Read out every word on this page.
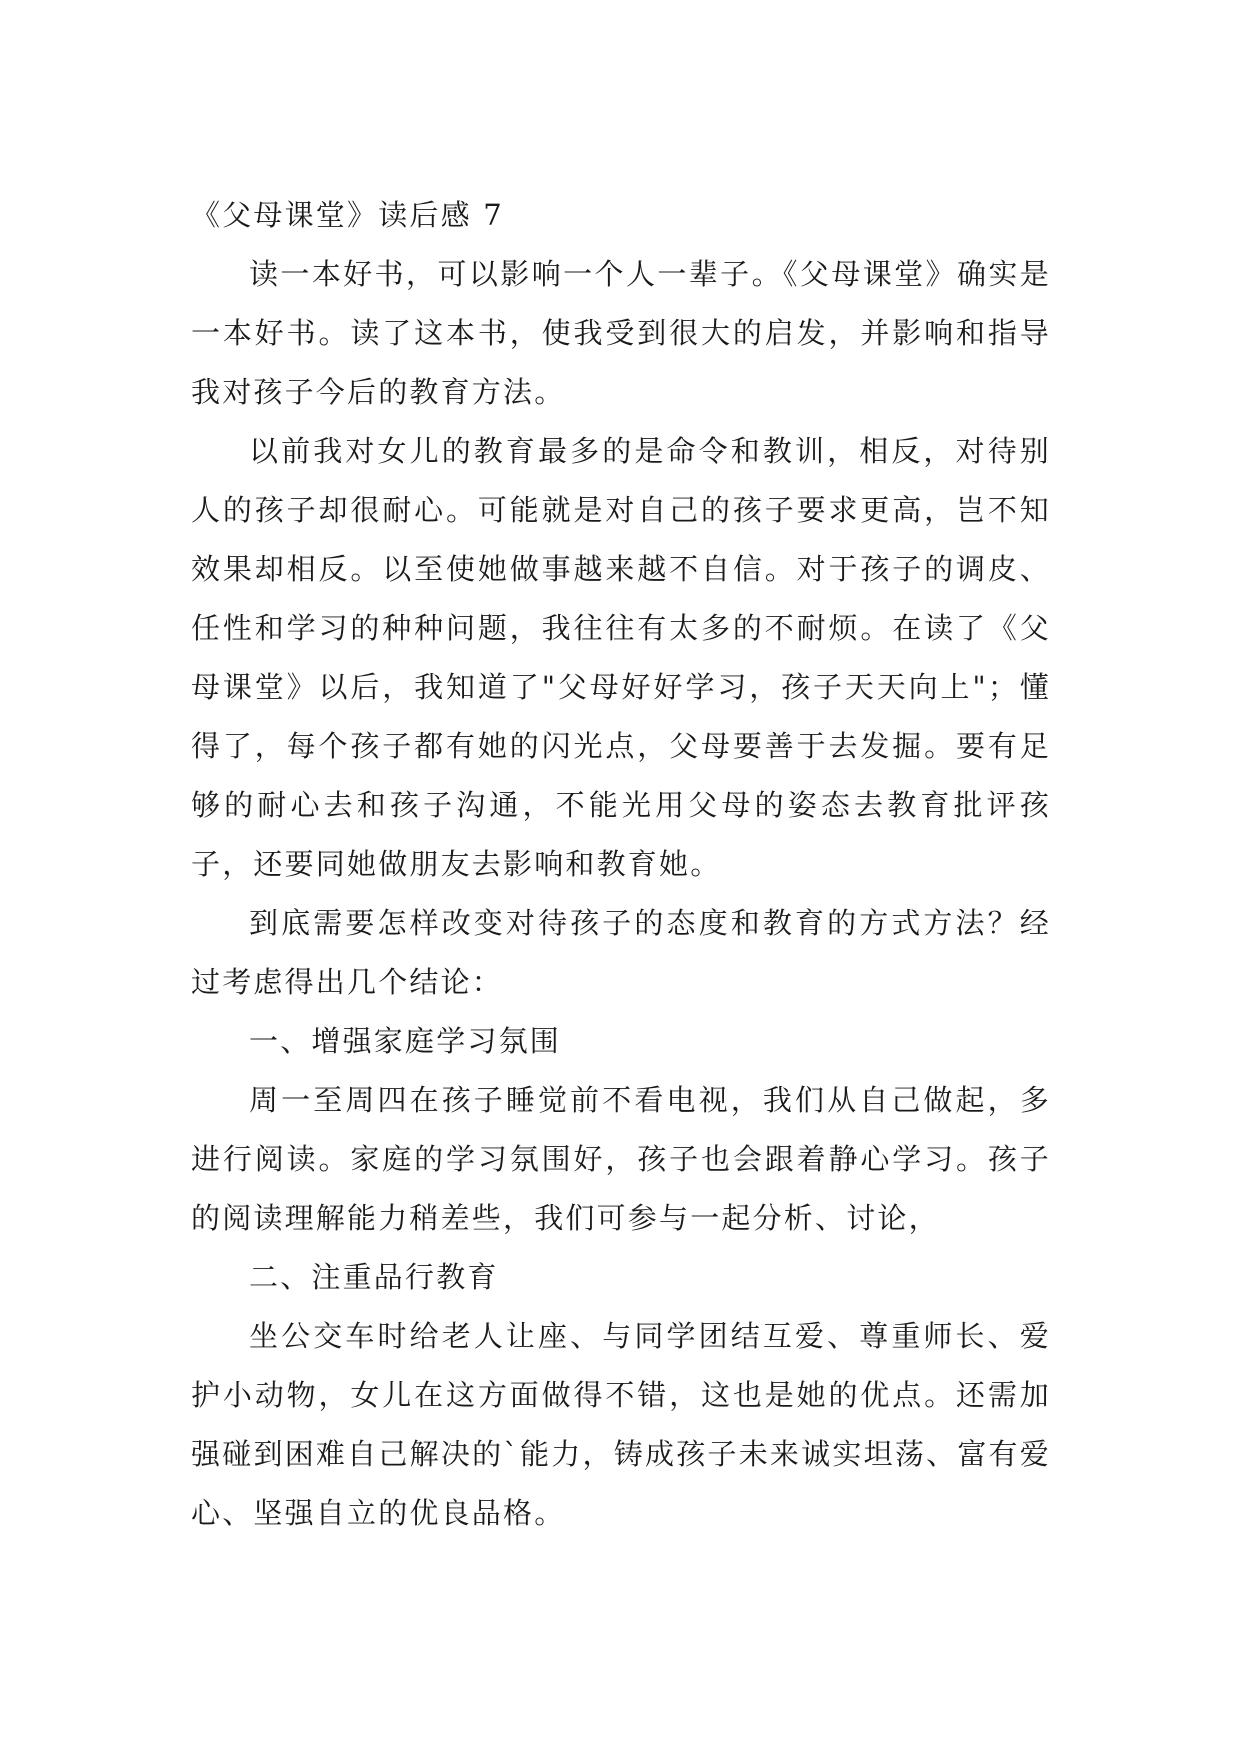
《父母课堂》读后感 7

读一本好书，可以影响一个人一辈子。《父母课堂》确实是一本好书。读了这本书，使我受到很大的启发，并影响和指导我对孩子今后的教育方法。

以前我对女儿的教育最多的是命令和教训，相反，对待别人的孩子却很耐心。可能就是对自己的孩子要求更高，岂不知效果却相反。以至使她做事越来越不自信。对于孩子的调皮、任性和学习的种种问题，我往往有太多的不耐烦。在读了《父母课堂》以后，我知道了"父母好好学习，孩子天天向上"；懂得了，每个孩子都有她的闪光点，父母要善于去发掘。要有足够的耐心去和孩子沟通，不能光用父母的姿态去教育批评孩子，还要同她做朋友去影响和教育她。

到底需要怎样改变对待孩子的态度和教育的方式方法？经过考虑得出几个结论：

一、增强家庭学习氛围

周一至周四在孩子睡觉前不看电视，我们从自己做起，多进行阅读。家庭的学习氛围好，孩子也会跟着静心学习。孩子的阅读理解能力稍差些，我们可参与一起分析、讨论，

二、注重品行教育

坐公交车时给老人让座、与同学团结互爱、尊重师长、爱护小动物，女儿在这方面做得不错，这也是她的优点。还需加强碰到困难自己解决的`能力，铸成孩子未来诚实坦荡、富有爱心、坚强自立的优良品格。
